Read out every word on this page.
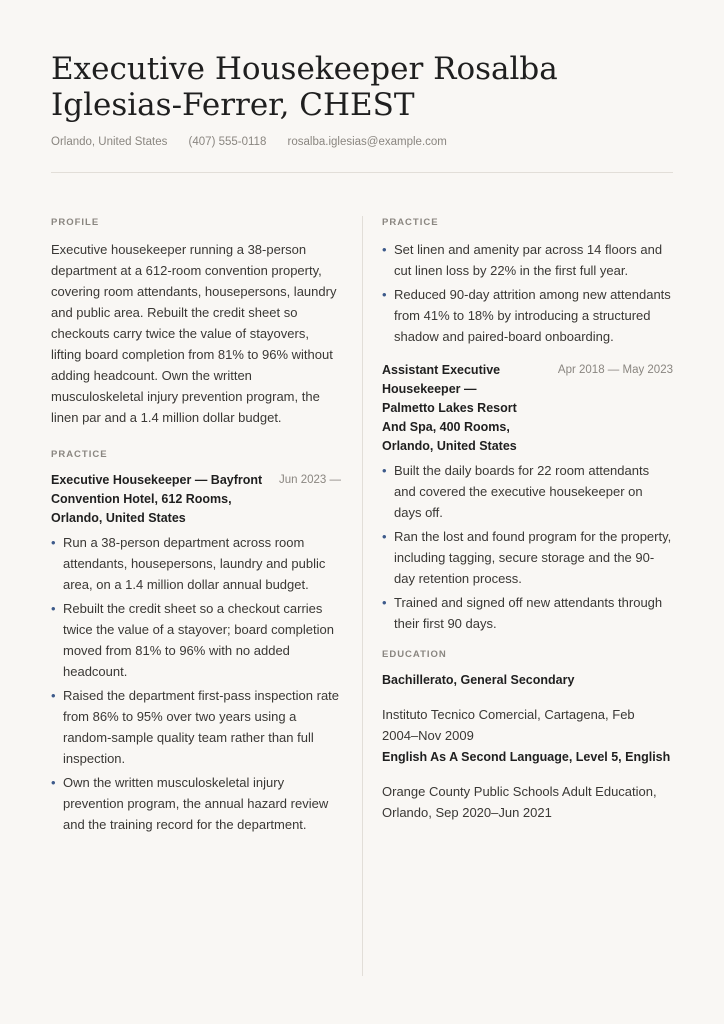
Executive Housekeeper Rosalba Iglesias-Ferrer, CHEST
Orlando, United States (407) 555-0118 rosalba.iglesias@example.com
PROFILE

Executive housekeeper running a 38-person department at a 612-room convention property, covering room attendants, housepersons, laundry and public area. Rebuilt the credit sheet so checkouts carry twice the value of stayovers, lifting board completion from 81% to 96% without adding headcount. Own the written musculoskeletal injury prevention program, the linen par and a 1.4 million dollar budget.

PRACTICE
Executive Housekeeper — Bayfront Convention Hotel, 612 Rooms, Orlando, United States
Jun 2023 —
• Run a 38-person department across room attendants, housepersons, laundry and public area, on a 1.4 million dollar annual budget.
• Rebuilt the credit sheet so a checkout carries twice the value of a stayover; board completion moved from 81% to 96% with no added headcount.
• Raised the department first-pass inspection rate from 86% to 95% over two years using a random-sample quality team rather than full inspection.
• Own the written musculoskeletal injury prevention program, the annual hazard review and the training record for the department.
PRACTICE
• Set linen and amenity par across 14 floors and cut linen loss by 22% in the first full year.
• Reduced 90-day attrition among new attendants from 41% to 18% by introducing a structured shadow and paired-board onboarding.
Assistant Executive Housekeeper — Palmetto Lakes Resort And Spa, 400 Rooms, Orlando, United States
Apr 2018 — May 2023
• Built the daily boards for 22 room attendants and covered the executive housekeeper on days off.
• Ran the lost and found program for the property, including tagging, secure storage and the 90-day retention process.
• Trained and signed off new attendants through their first 90 days.
EDUCATION

Bachillerato, General Secondary

Instituto Tecnico Comercial, Cartagena, Feb 2004–Nov 2009

English As A Second Language, Level 5, English

Orange County Public Schools Adult Education, Orlando, Sep 2020–Jun 2021
